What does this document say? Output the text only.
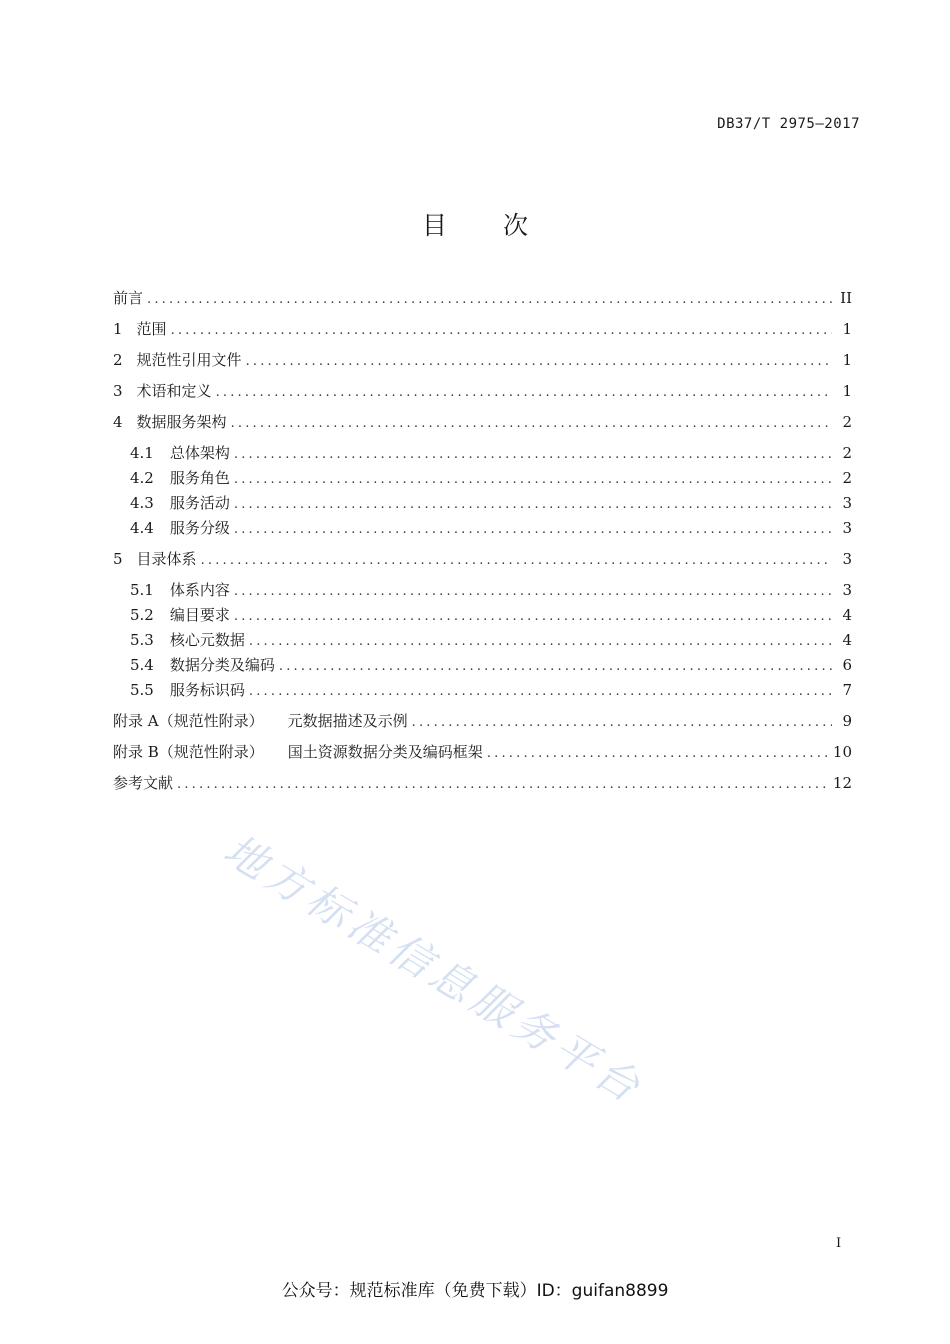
DB37/T 2975—2017
目 次
前言 .....	II
1 范围 .....	1
2 规范性引用文件 .....	1
3 术语和定义 .....	1
4 数据服务架构 .....	2
4.1 总体架构 .....	2
4.2 服务角色 .....	2
4.3 服务活动 .....	3
4.4 服务分级 .....	3
5 目录体系 .....	3
5.1 体系内容 .....	3
5.2 编目要求 .....	4
5.3 核心元数据 .....	4
5.4 数据分类及编码 .....	6
5.5 服务标识码 .....	7
附录 A（规范性附录） 元数据描述及示例 .....	9
附录 B（规范性附录） 国土资源数据分类及编码框架 .....	10
参考文献 .....	12
地方标准信息服务平台
I
公众号：规范标准库（免费下载）ID：guifan8899
